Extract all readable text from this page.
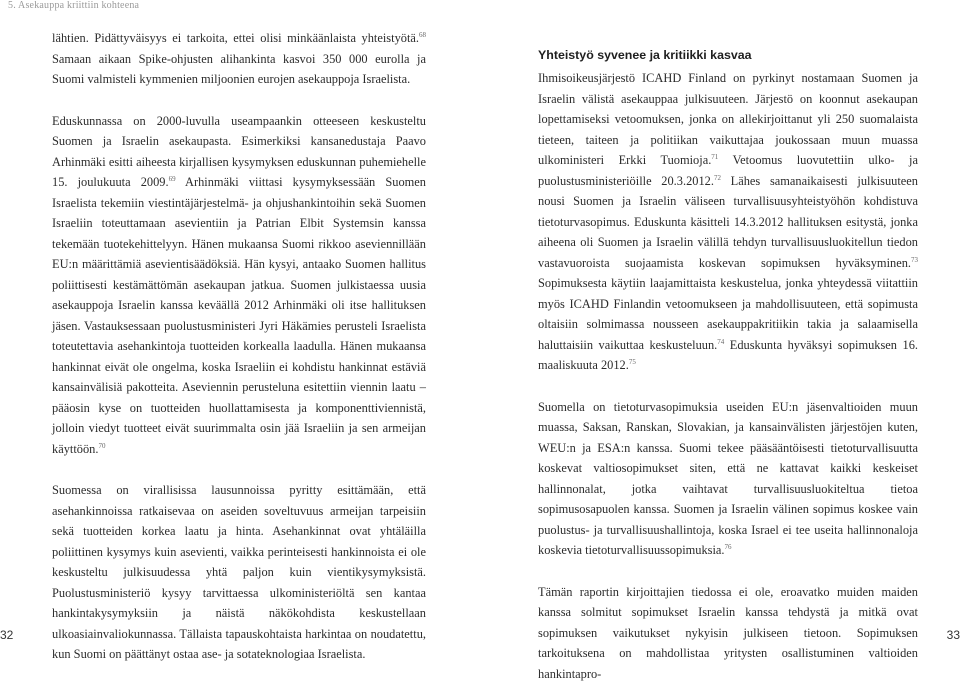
5. Asekauppa kriittiin kohteena

lähtien. Pidättyväisyys ei tarkoita, ettei olisi minkäänlaista yhteistyötä.$^{68}$ Samaan aikaan Spike-ohjusten alihankinta kasvoi 350 000 eurolla ja Suomi valmisteli kymmenien miljoonien eurojen asekauppoja Israelista.

Eduskunnassa on 2000-luvulla useampaankin otteeseen keskusteltu Suomen ja Israelin asekaupasta. Esimerkiksi kansanedustaja Paavo Arhinmäki esitti aiheesta kirjallisen kysymyksen eduskunnan puhemiehelle 15. joulukuuta 2009.69 Arhinmäki viittasi kysymyksessään Suomen Israelista tekemiin viestintäjärjestelmä- ja ohjushankintoihin sekä Suomen Israeliin toteuttamaan asevientiin ja Patrian Elbit Systemsin kanssa tekemään tuotekehittelyyn. Hänen mukaansa Suomi rikkoo aseviennillään EU:n määrittämiä asevientisäädöksiä. Hän kysyi, antaako Suomen hallitus poliittisesti kestämättömän asekaupan jatkua. Suomen julkistaessa uusia asekauppoja Israelin kanssa keväällä 2012 Arhinmäki oli itse hallituksen jäsen. Vastauksessaan puolustusministeri Jyri Häkämies perusteli Israelista toteutettavia asehankintoja tuotteiden korkealla laadulla. Hänen mukaansa hankinnat eivät ole ongelma, koska Israeliin ei kohdistu hankinnat estäviä kansainvälisiä pakotteita. Aseviennin perusteluna esitettiin viennin laatu – pääosin kyse on tuotteiden huollattamisesta ja komponenttiviennistä, jolloin viedyt tuotteet eivät suurimmalta osin jää Israeliin ja sen armeijan käyttöön.$^{70}$

Suomessa on virallisissa lausunnoissa pyritty esittämään, että asehankinnoissa ratkaisevaa on aseiden soveltuvuus armeijan tarpeisiin sekä tuotteiden korkea laatu ja hinta. Asehankinnat ovat yhtäläilla poliittinen kysymys kuin asevienti, vaikka perinteisesti hankinnoista ei ole keskusteltu julkisuudessa yhtä paljon kuin vientikysymyksistä. Puolustusministeriö kysyy tarvittaessa ulkoministeriöltä sen kantaa hankintakysymyksiin ja näistä näkökohdista keskustellaan ulkoasiainvaliokunnassa. Tällaista tapauskohtaista harkintaa on noudatettu, kun Suomi on päättänyt ostaa ase- ja sotateknologiaa Israelista.

Yhteistyö syvenee ja kritiikki kasvaa

Ihmisoikeusjärjestö ICAHD Finland on pyrkinyt nostamaan Suomen ja Israelin välistä asekauppaa julkisuuteen. Järjestö on koonnut asekaupan lopettamiseksi vetoomuksen, jonka on allekirjoittanut yli 250 suomalaista tieteen, taiteen ja politiikan vaikuttajaa joukossaan muun muassa ulkoministeri Erkki Tuomioja.$^{71}$ Vetoomus luovutettiin ulko- ja puolustusministeriöille 20.3.2012.72 Lähes samanaikaisesti julkisuuteen nousi Suomen ja Israelin väliseen turvallisuusyhteistyöhön kohdistuva tietoturvasopimus. Eduskunta käsitteli 14.3.2012 hallituksen esitystä, jonka aiheena oli Suomen ja Israelin välillä tehdyn turvallisuusluokitellun tiedon vastavuoroista suojaamista koskevan sopimuksen hyväksyminen.$^{73}$ Sopimuksesta käytiin laajamittaista keskustelua, jonka yhteydessä viitattiin myös ICAHD Finlandin vetoomukseen ja mahdollisuuteen, että sopimusta oltaisiin solmimassa nousseen asekauppakritiikin takia ja salaamisella haluttaisiin vaikuttaa keskusteluun.$^{74}$ Eduskunta hyväksyi sopimuksen 16. maaliskuuta 2012.75

Suomella on tietoturvasopimuksia useiden EU:n jäsenvaltioiden muun muassa, Saksan, Ranskan, Slovakian, ja kansainvälisten järjestöjen kuten, WEU:n ja ESA:n kanssa. Suomi tekee pääsääntöisesti tietoturvallisuutta koskevat valtiosopimukset siten, että ne kattavat kaikki keskeiset hallinnonalat, jotka vaihtavat turvallisuusluokiteltua tietoa sopimusosapuolen kanssa. Suomen ja Israelin välinen sopimus koskee vain puolustus- ja turvallisuushallintoja, koska Israel ei tee useita hallinnonaloja koskevia tietoturvallisuussopimuksia.$^{76}$

Tämän raportin kirjoittajien tiedossa ei ole, eroavatko muiden maiden kanssa solmitut sopimukset Israelin kanssa tehdystä ja mitkä ovat sopimuksen vaikutukset nykyisin julkiseen tietoon. Sopimuksen tarkoituksena on mahdollistaa yritysten osallistuminen valtioiden hankintapro-

32	33
